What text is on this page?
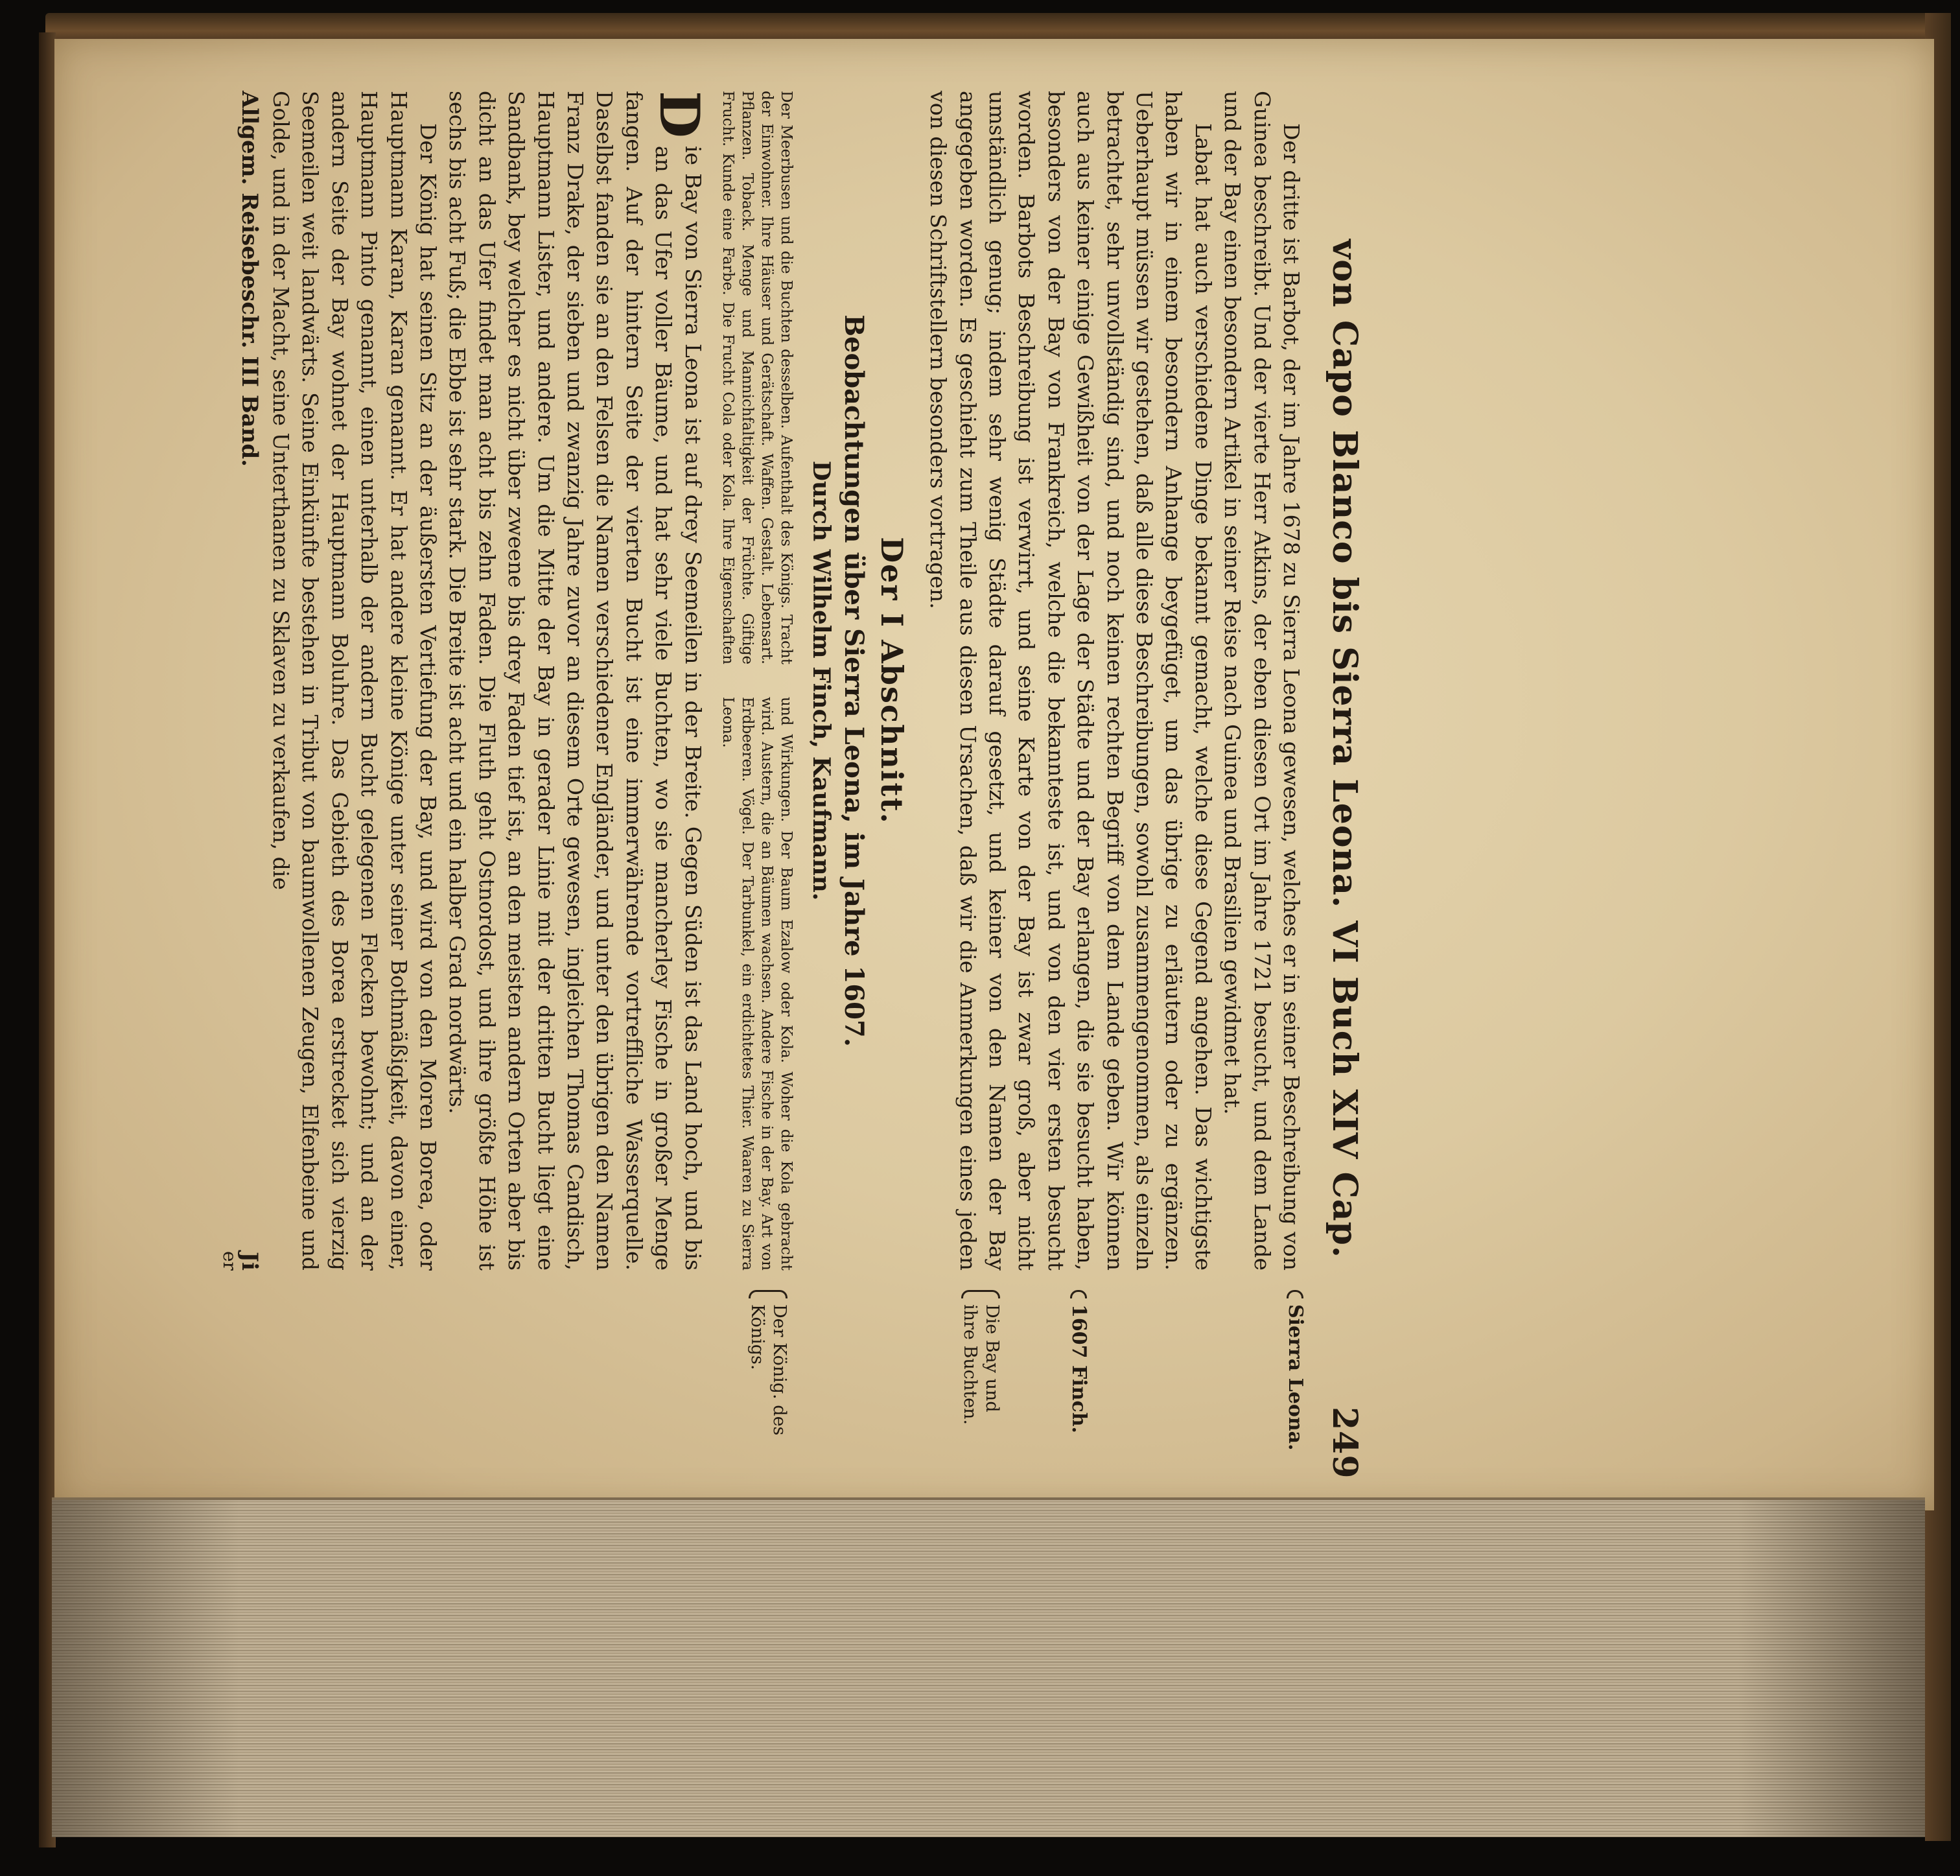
von Capo Blanco bis Sierra Leona. VI Buch XIV Cap.
249

Der dritte ist Barbot, der im Jahre 1678 zu Sierra Leona gewesen, welches er in seiner Beschreibung von Guinea beschreibt. Und der vierte Herr Atkins, der eben diesen Ort im Jahre 1721 besucht, und dem Lande und der Bay einen besondern Artikel in seiner Reise nach Guinea und Brasilien gewidmet hat.

Labat hat auch verschiedene Dinge bekannt gemacht, welche diese Gegend angehen. Das wichtigste haben wir in einem besondern Anhange beygefüget, um das übrige zu erläutern oder zu ergänzen. Ueberhaupt müssen wir gestehen, daß alle diese Beschreibungen, sowohl zusammengenommen, als einzeln betrachtet, sehr unvollständig sind, und noch keinen rechten Begriff von dem Lande geben. Wir können auch aus keiner einige Gewißheit von der Lage der Städte und der Bay erlangen, die sie besucht haben, besonders von der Bay von Frankreich, welche die bekannteste ist, und von den vier ersten besucht worden. Barbots Beschreibung ist verwirrt, und seine Karte von der Bay ist zwar groß, aber nicht umständlich genug; indem sehr wenig Städte darauf gesetzt, und keiner von den Namen der Bay angegeben worden. Es geschieht zum Theile aus diesen Ursachen, daß wir die Anmerkungen eines jeden von diesen Schriftstellern besonders vortragen.

Der I Abschnitt.
Beobachtungen über Sierra Leona, im Jahre 1607.
Durch Wilhelm Finch, Kaufmann.

Der Meerbusen und die Buchten desselben. Aufenthalt des Königs. Tracht der Einwohner. Ihre Häuser und Gerätschaft. Waffen. Gestalt. Lebensart. Pflanzen. Toback. Menge und Mannichfaltigkeit der Früchte. Giftige Frucht. Kunde eine Farbe. Die Frucht Cola oder Kola. Ihre Eigenschaften und Wirkungen. Der Baum Ezalow oder Kola. Woher die Kola gebracht wird. Austern, die an Bäumen wachsen. Andere Fische in der Bay. Art von Erdbeeren. Vögel. Der Tarbunkel, ein erdichtetes Thier. Waaren zu Sierra Leona.

D
ie Bay von Sierra Leona ist auf drey Seemeilen in der Breite. Gegen Süden ist das Land hoch, und bis an das Ufer voller Bäume, und hat sehr viele Buchten, wo sie mancherley Fische in großer Menge fangen. Auf der hintern Seite der vierten Bucht ist eine immerwährende vortreffliche Wasserquelle. Daselbst fanden sie an den Felsen die Namen verschiedener Engländer, und unter den übrigen den Namen Franz Drake, der sieben und zwanzig Jahre zuvor an diesem Orte gewesen, ingleichen Thomas Candisch, Hauptmann Lister, und andere. Um die Mitte der Bay in gerader Linie mit der dritten Bucht liegt eine Sandbank, bey welcher es nicht über zweene bis drey Faden tief ist, an den meisten andern Orten aber bis dicht an das Ufer findet man acht bis zehn Faden. Die Fluth geht Ostnordost, und ihre größte Höhe ist sechs bis acht Fuß; die Ebbe ist sehr stark. Die Breite ist acht und ein halber Grad nordwärts.

Der König hat seinen Sitz an der äußersten Vertiefung der Bay, und wird von den Moren Borea, oder Hauptmann Karan, Karan genannt. Er hat andere kleine Könige unter seiner Bothmäßigkeit, davon einer, Hauptmann Pinto genannt, einen unterhalb der andern Bucht gelegenen Flecken bewohnt; und an der andern Seite der Bay wohnet der Hauptmann Boluhre. Das Gebieth des Borea erstrecket sich vierzig Seemeilen weit landwärts. Seine Einkünfte bestehen in Tribut von baumwollenen Zeugen, Elfenbeine und Golde, und in der Macht, seine Unterthanen zu Sklaven zu verkaufen, die

Allgem. Reisebeschr. III Band.
Ji
er

Sierra Leona.

1607 Finch.

Die Bay und ihre Buchten.

Der König. des Königs.
